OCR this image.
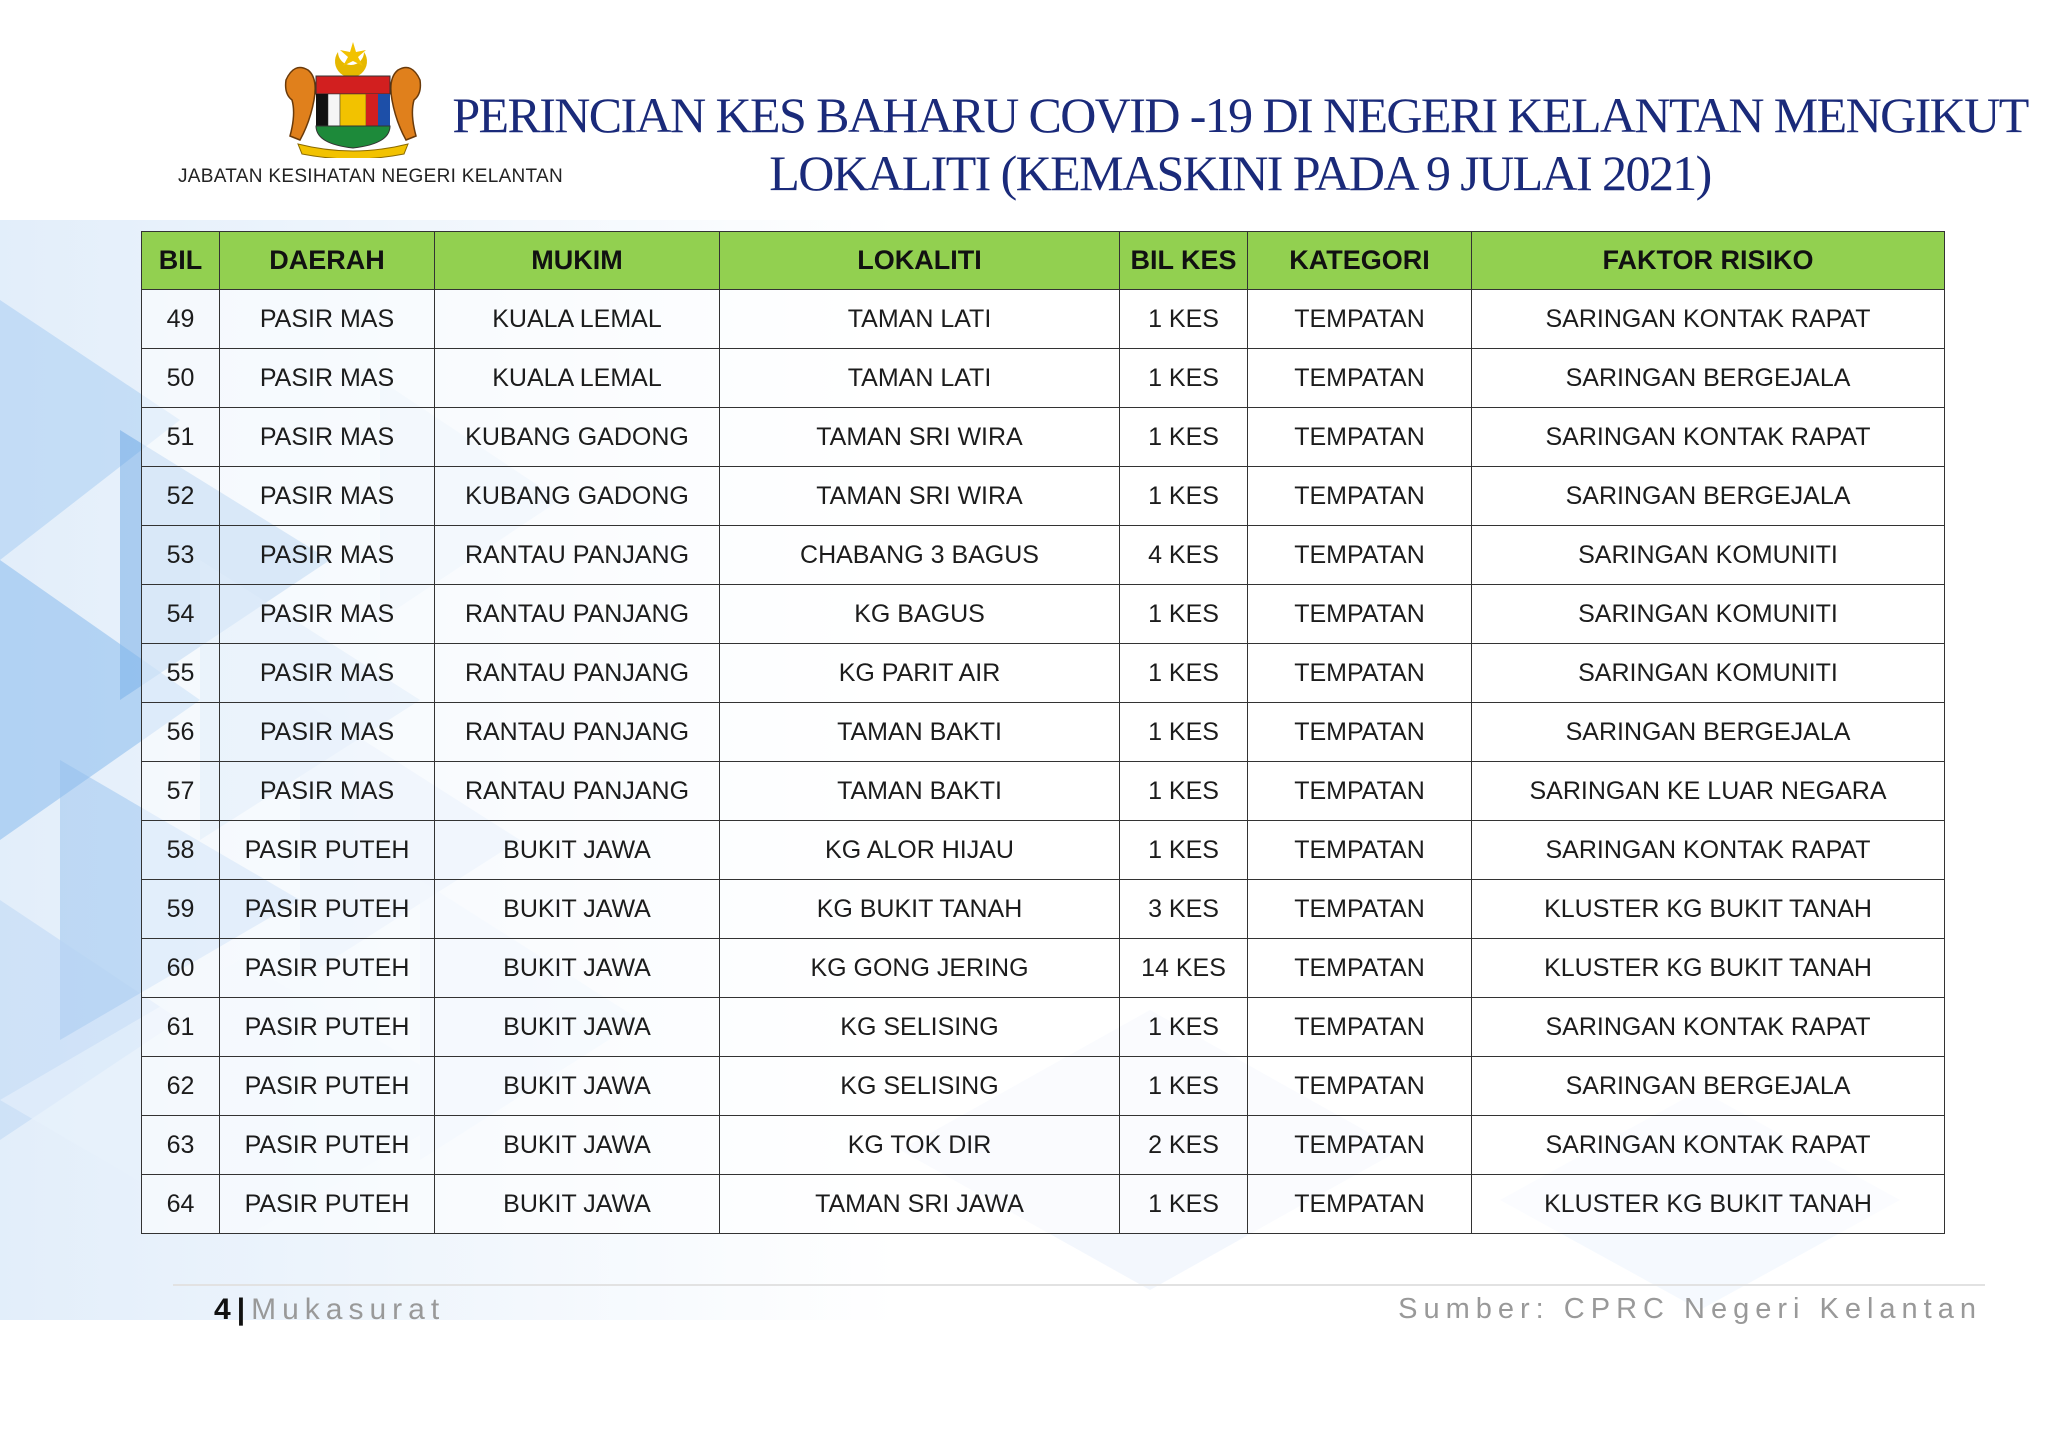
JABATAN KESIHATAN NEGERI KELANTAN
PERINCIAN KES BAHARU COVID -19 DI NEGERI KELANTAN MENGIKUT
LOKALITI (KEMASKINI PADA 9 JULAI 2021)
BIL	DAERAH	MUKIM	LOKALITI	BIL KES	KATEGORI	FAKTOR RISIKO
49	PASIR MAS	KUALA LEMAL	TAMAN LATI	1 KES	TEMPATAN	SARINGAN KONTAK RAPAT
50	PASIR MAS	KUALA LEMAL	TAMAN LATI	1 KES	TEMPATAN	SARINGAN BERGEJALA
51	PASIR MAS	KUBANG GADONG	TAMAN SRI WIRA	1 KES	TEMPATAN	SARINGAN KONTAK RAPAT
52	PASIR MAS	KUBANG GADONG	TAMAN SRI WIRA	1 KES	TEMPATAN	SARINGAN BERGEJALA
53	PASIR MAS	RANTAU PANJANG	CHABANG 3 BAGUS	4 KES	TEMPATAN	SARINGAN KOMUNITI
54	PASIR MAS	RANTAU PANJANG	KG BAGUS	1 KES	TEMPATAN	SARINGAN KOMUNITI
55	PASIR MAS	RANTAU PANJANG	KG PARIT AIR	1 KES	TEMPATAN	SARINGAN KOMUNITI
56	PASIR MAS	RANTAU PANJANG	TAMAN BAKTI	1 KES	TEMPATAN	SARINGAN BERGEJALA
57	PASIR MAS	RANTAU PANJANG	TAMAN BAKTI	1 KES	TEMPATAN	SARINGAN KE LUAR NEGARA
58	PASIR PUTEH	BUKIT JAWA	KG ALOR HIJAU	1 KES	TEMPATAN	SARINGAN KONTAK RAPAT
59	PASIR PUTEH	BUKIT JAWA	KG BUKIT TANAH	3 KES	TEMPATAN	KLUSTER KG BUKIT TANAH
60	PASIR PUTEH	BUKIT JAWA	KG GONG JERING	14 KES	TEMPATAN	KLUSTER KG BUKIT TANAH
61	PASIR PUTEH	BUKIT JAWA	KG SELISING	1 KES	TEMPATAN	SARINGAN KONTAK RAPAT
62	PASIR PUTEH	BUKIT JAWA	KG SELISING	1 KES	TEMPATAN	SARINGAN BERGEJALA
63	PASIR PUTEH	BUKIT JAWA	KG TOK DIR	2 KES	TEMPATAN	SARINGAN KONTAK RAPAT
64	PASIR PUTEH	BUKIT JAWA	TAMAN SRI JAWA	1 KES	TEMPATAN	KLUSTER KG BUKIT TANAH
4 | Mukasurat	Sumber: CPRC Negeri Kelantan
